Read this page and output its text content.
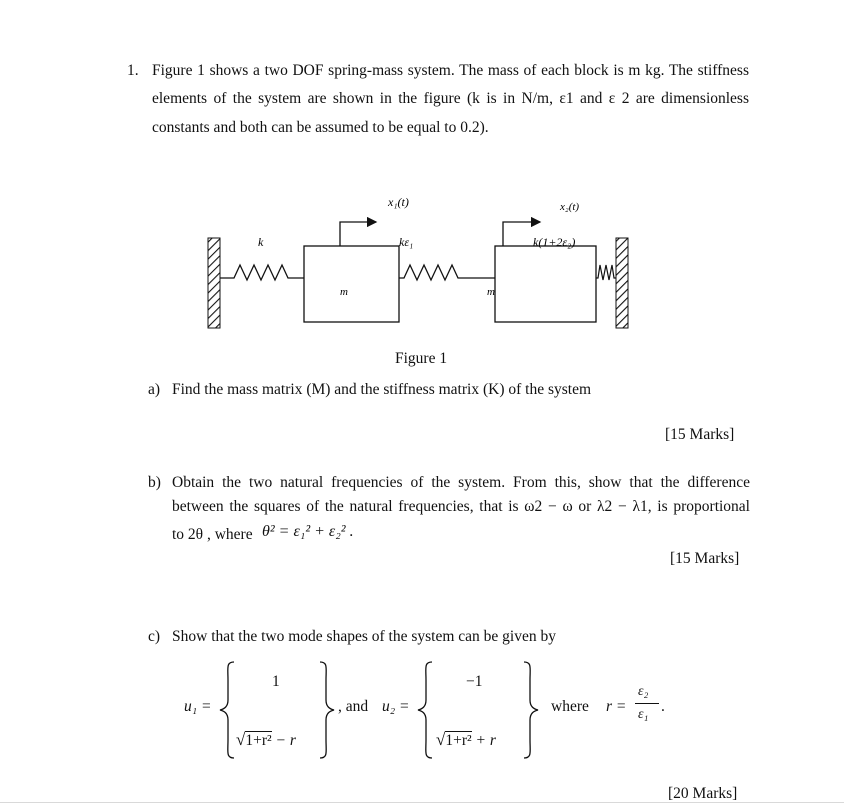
1. Figure 1 shows a two DOF spring-mass system. The mass of each block is m kg. The stiffness
elements of the system are shown in the figure (k is in N/m, ε1 and ε 2 are dimensionless
constants and both can be assumed to be equal to 0.2).
x₁(t)	x₂(t)
k	kε₁	k(1+2ε₂)
m	m
Figure 1
a) Find the mass matrix (M) and the stiffness matrix (K) of the system
[15 Marks]
b) Obtain the two natural frequencies of the system. From this, show that the difference
between the squares of the natural frequencies, that is ω2 − ω or λ2 − λ1, is proportional
to 2θ , where θ² = ε₁² + ε₂² .
[15 Marks]
c) Show that the two mode shapes of the system can be given by
u₁ =
1
√1+r² − r
, and u₂ =
−1
√1+r² + r
where r =
ε₂
ε₁ .
[20 Marks]
